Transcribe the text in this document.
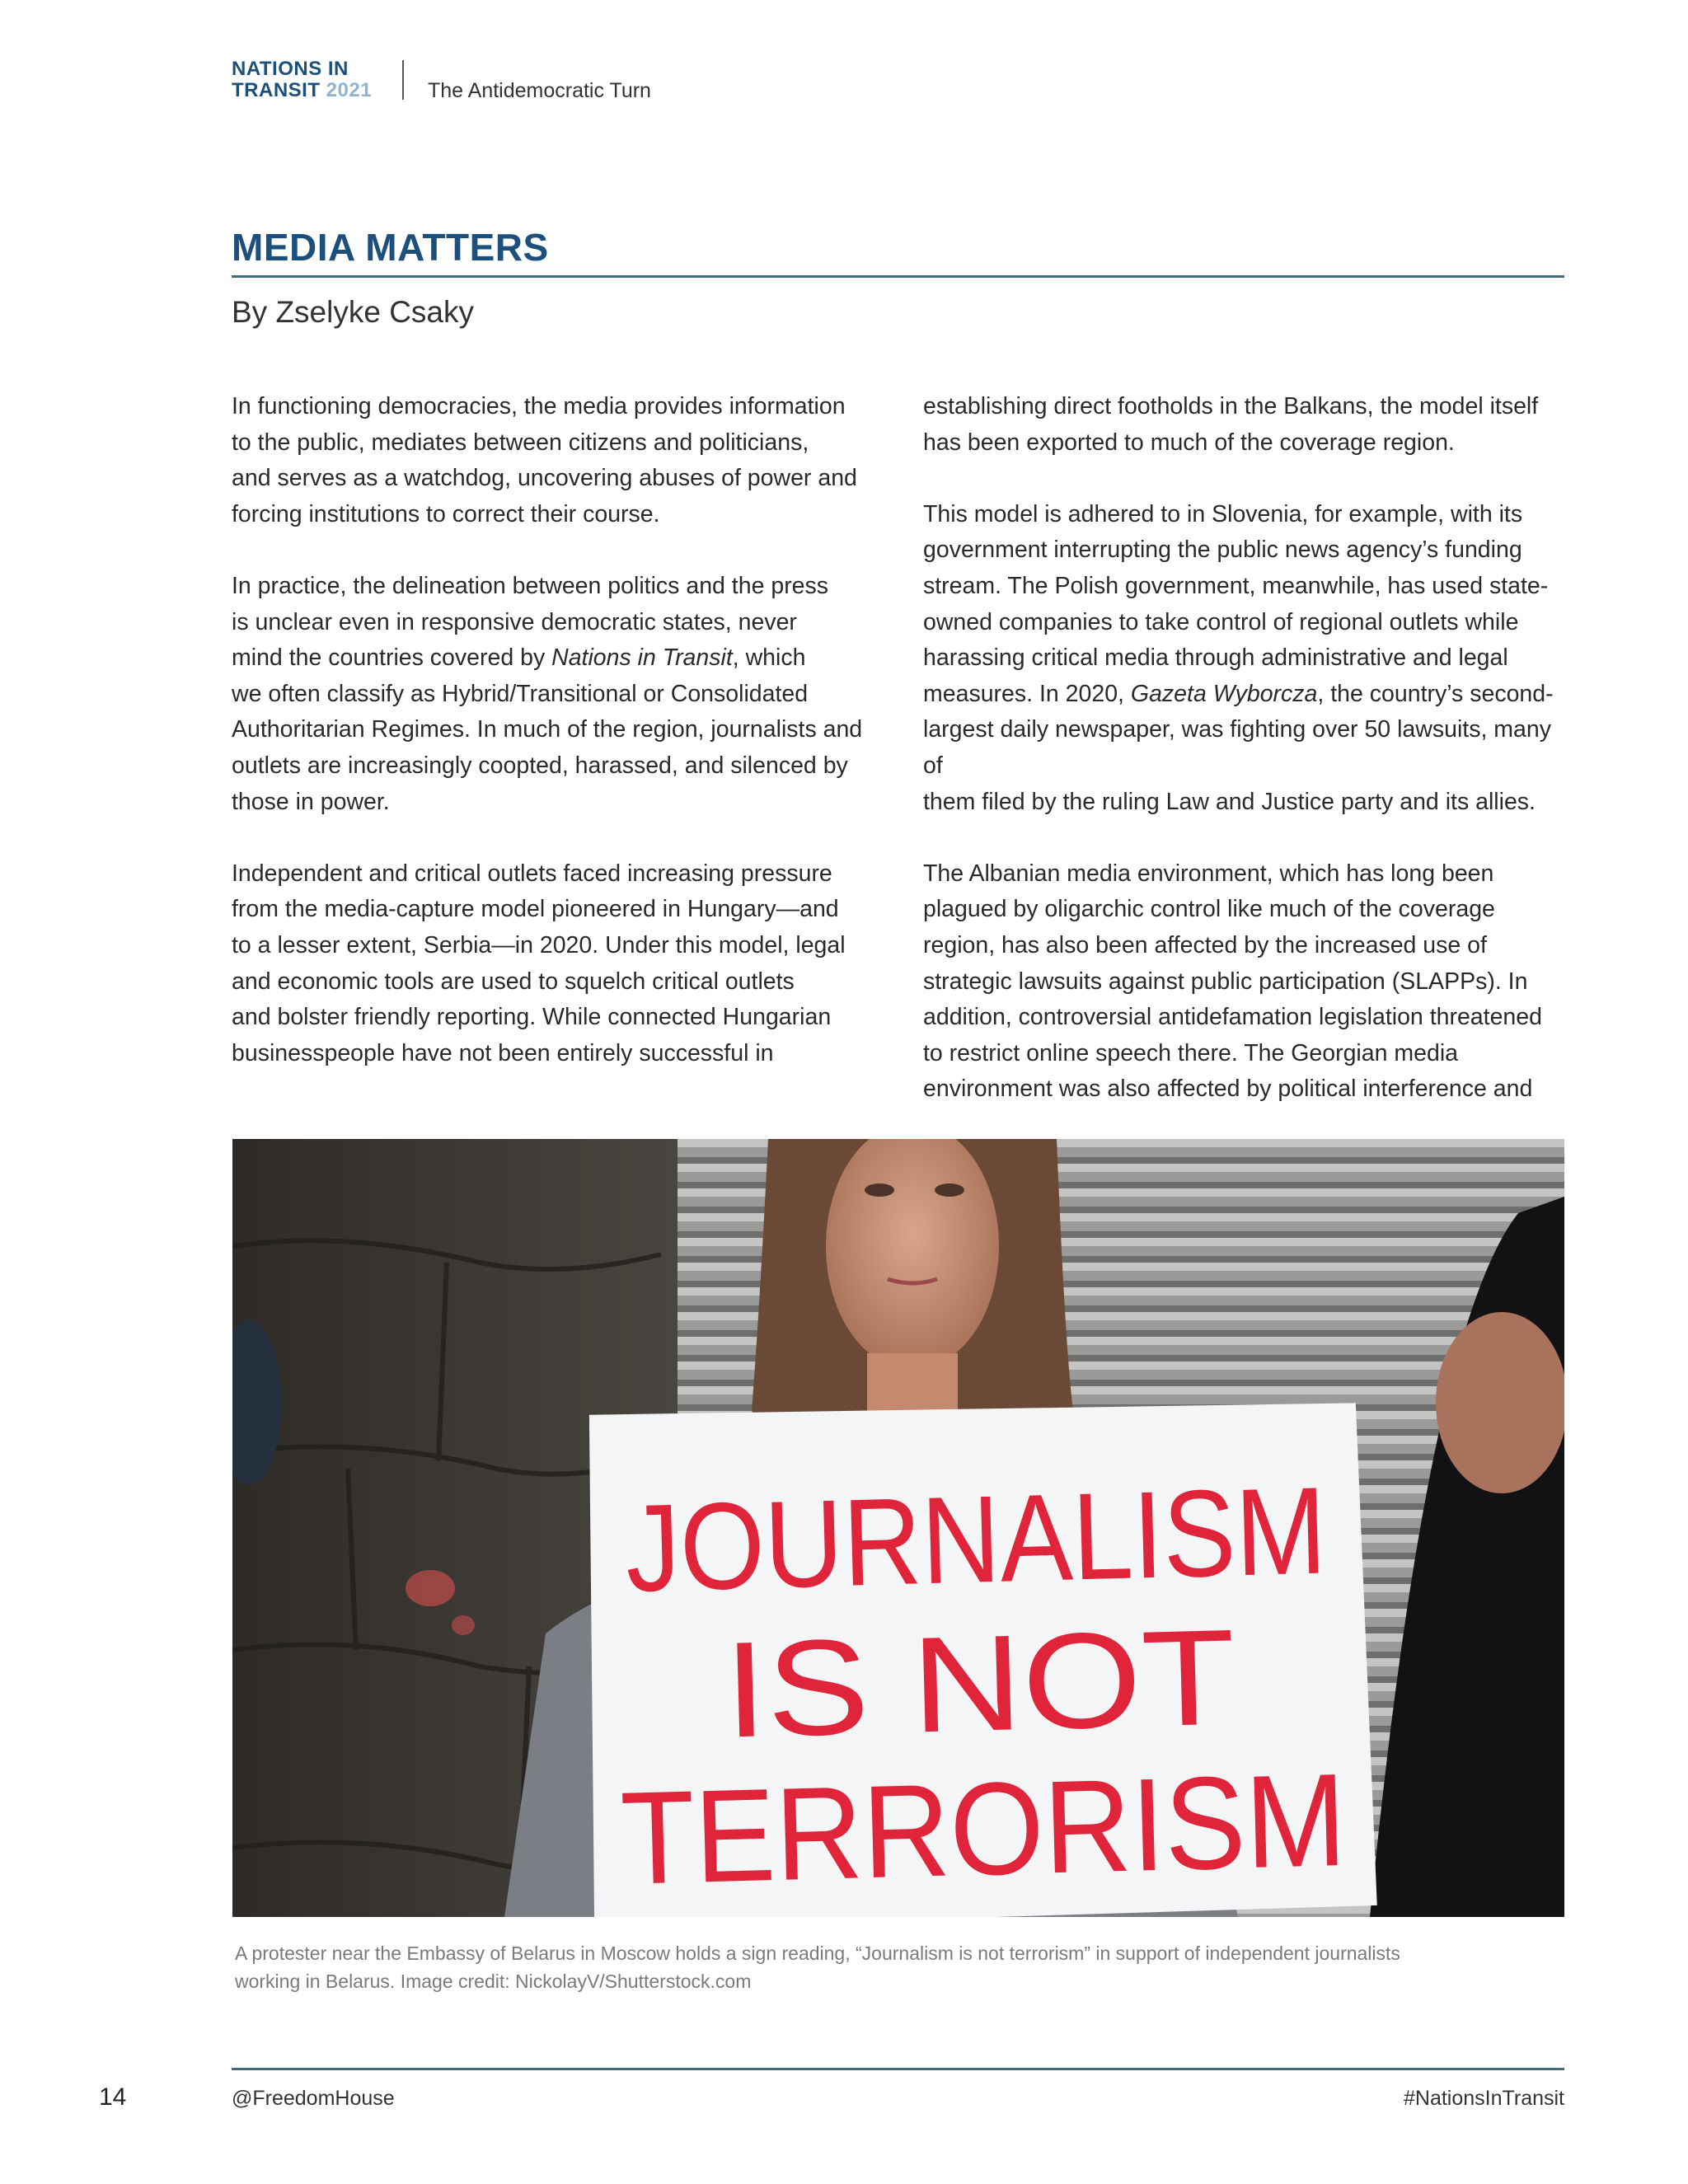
NATIONS IN
TRANSIT 2021	The Antidemocratic Turn
MEDIA MATTERS
By Zselyke Csaky

In functioning democracies, the media provides information
to the public, mediates between citizens and politicians,
and serves as a watchdog, uncovering abuses of power and
forcing institutions to correct their course.

In practice, the delineation between politics and the press
is unclear even in responsive democratic states, never
mind the countries covered by Nations in Transit, which
we often classify as Hybrid/Transitional or Consolidated
Authoritarian Regimes. In much of the region, journalists and
outlets are increasingly coopted, harassed, and silenced by
those in power.

Independent and critical outlets faced increasing pressure
from the media-capture model pioneered in Hungary—and
to a lesser extent, Serbia—in 2020. Under this model, legal
and economic tools are used to squelch critical outlets
and bolster friendly reporting. While connected Hungarian
businesspeople have not been entirely successful in

establishing direct footholds in the Balkans, the model itself
has been exported to much of the coverage region.

This model is adhered to in Slovenia, for example, with its
government interrupting the public news agency’s funding
stream. The Polish government, meanwhile, has used state-
owned companies to take control of regional outlets while
harassing critical media through administrative and legal
measures. In 2020, Gazeta Wyborcza, the country’s second-
largest daily newspaper, was fighting over 50 lawsuits, many of
them filed by the ruling Law and Justice party and its allies.

The Albanian media environment, which has long been
plagued by oligarchic control like much of the coverage
region, has also been affected by the increased use of
strategic lawsuits against public participation (SLAPPs). In
addition, controversial antidefamation legislation threatened
to restrict online speech there. The Georgian media
environment was also affected by political interference and

JOURNALISM
IS NOT
TERRORISM
A protester near the Embassy of Belarus in Moscow holds a sign reading, “Journalism is not terrorism” in support of independent journalists
working in Belarus. Image credit: NickolayV/Shutterstock.com
14	@FreedomHouse	#NationsInTransit
